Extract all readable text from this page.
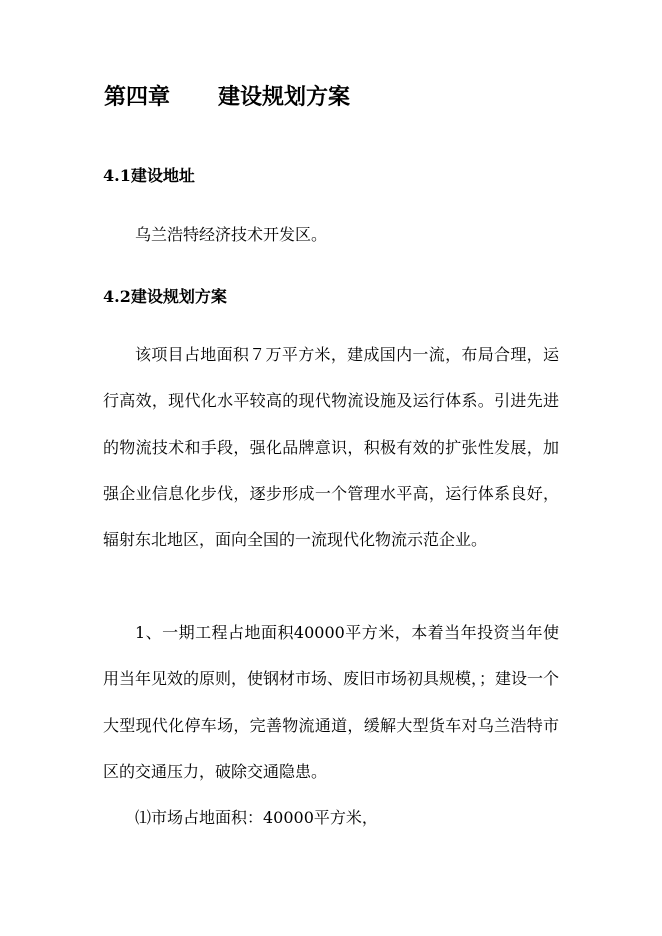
第四章 建设规划方案
4.1建设地址

乌兰浩特经济技术开发区。

4.2建设规划方案

该项目占地面积７万平方米，建成国内一流，布局合理，运行高效，现代化水平较高的现代物流设施及运行体系。引进先进的物流技术和手段，强化品牌意识，积极有效的扩张性发展，加强企业信息化步伐，逐步形成一个管理水平高，运行体系良好，辐射东北地区，面向全国的一流现代化物流示范企业。

1、一期工程占地面积40000平方米，本着当年投资当年使用当年见效的原则，使钢材市场、废旧市场初具规模，；建设一个大型现代化停车场，完善物流通道，缓解大型货车对乌兰浩特市区的交通压力，破除交通隐患。

⑴市场占地面积：40000平方米，
